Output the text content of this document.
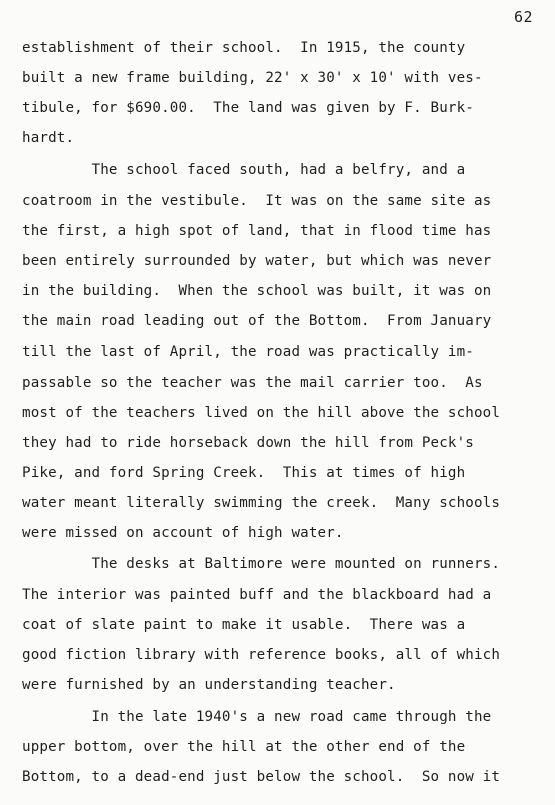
62
establishment of their school.  In 1915, the county
built a new frame building, 22' x 30' x 10' with ves-
tibule, for $690.00.  The land was given by F. Burk-
hardt.
The school faced south, had a belfry, and a
coatroom in the vestibule.  It was on the same site as
the first, a high spot of land, that in flood time has
been entirely surrounded by water, but which was never
in the building.  When the school was built, it was on
the main road leading out of the Bottom.  From January
till the last of April, the road was practically im-
passable so the teacher was the mail carrier too.  As
most of the teachers lived on the hill above the school
they had to ride horseback down the hill from Peck's
Pike, and ford Spring Creek.  This at times of high
water meant literally swimming the creek.  Many schools
were missed on account of high water.
The desks at Baltimore were mounted on runners.
The interior was painted buff and the blackboard had a
coat of slate paint to make it usable.  There was a
good fiction library with reference books, all of which
were furnished by an understanding teacher.
In the late 1940's a new road came through the
upper bottom, over the hill at the other end of the
Bottom, to a dead-end just below the school.  So now it
